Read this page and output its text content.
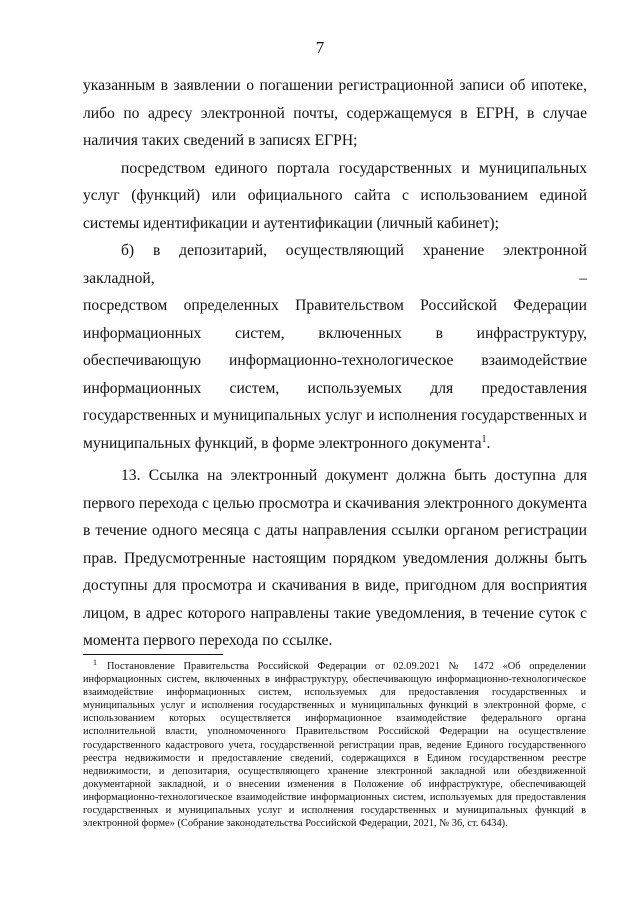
7

указанным в заявлении о погашении регистрационной записи об ипотеке, либо по адресу электронной почты, содержащемуся в ЕГРН, в случае наличия таких сведений в записях ЕГРН;

посредством единого портала государственных и муниципальных услуг (функций) или официального сайта с использованием единой системы идентификации и аутентификации (личный кабинет);

б) в депозитарий, осуществляющий хранение электронной закладной, –

посредством определенных Правительством Российской Федерации информационных систем, включенных в инфраструктуру, обеспечивающую информационно-технологическое взаимодействие информационных систем, используемых для предоставления государственных и муниципальных услуг и исполнения государственных и муниципальных функций, в форме электронного документа$^1$.

13. Ссылка на электронный документ должна быть доступна для первого перехода с целью просмотра и скачивания электронного документа в течение одного месяца с даты направления ссылки органом регистрации прав. Предусмотренные настоящим порядком уведомления должны быть доступны для просмотра и скачивания в виде, пригодном для восприятия лицом, в адрес которого направлены такие уведомления, в течение суток с момента первого перехода по ссылке.

$^1$ Постановление Правительства Российской Федерации от 02.09.2021 № 1472 «Об определении информационных систем, включенных в инфраструктуру, обеспечивающую информационно-технологическое взаимодействие информационных систем, используемых для предоставления государственных и муниципальных услуг и исполнения государственных и муниципальных функций в электронной форме, с использованием которых осуществляется информационное взаимодействие федерального органа исполнительной власти, уполномоченного Правительством Российской Федерации на осуществление государственного кадастрового учета, государственной регистрации прав, ведение Единого государственного реестра недвижимости и предоставление сведений, содержащихся в Едином государственном реестре недвижимости, и депозитария, осуществляющего хранение электронной закладной или обездвиженной документарной закладной, и о внесении изменения в Положение об инфраструктуре, обеспечивающей информационно-технологическое взаимодействие информационных систем, используемых для предоставления государственных и муниципальных услуг и исполнения государственных и муниципальных функций в электронной форме» (Собрание законодательства Российской Федерации, 2021, № 36, ст. 6434).
